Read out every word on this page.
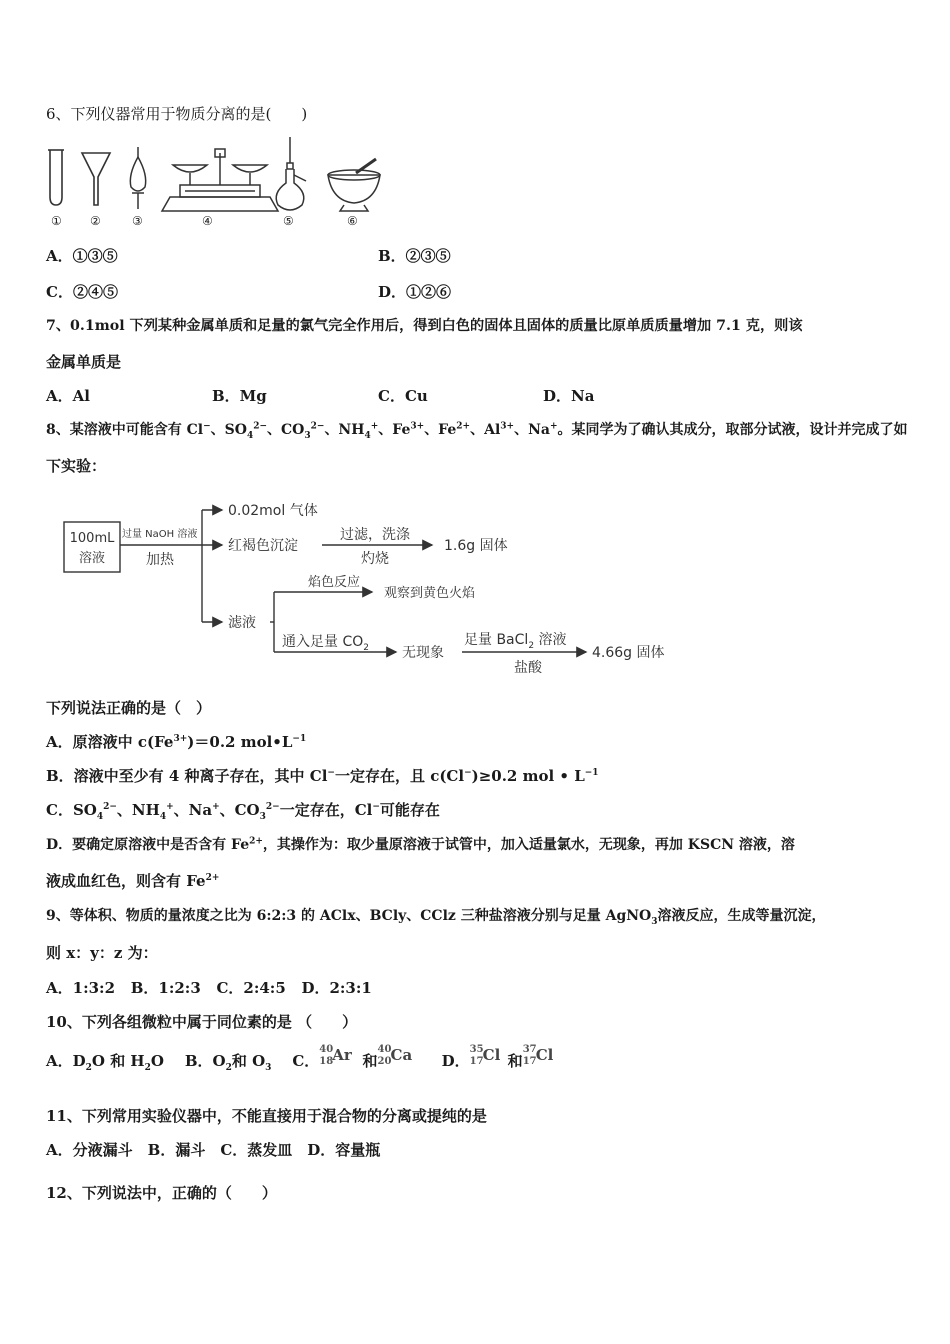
6、下列仪器常用于物质分离的是(　　)
① ②	③	④	⑤	⑥
A．①③⑤	B．②③⑤
C．②④⑤	D．①②⑥
7、0.1mol 下列某种金属单质和足量的氯气完全作用后，得到白色的固体且固体的质量比原单质质量增加 7.1 克，则该
金属单质是
A．Al	B．Mg	C．Cu	D．Na
8、某溶液中可能含有 Cl−、$SO_4^{2-}$、$CO_3^{2-}$、$NH_4^+$、$Fe^{3+}$、$Fe^{2+}$、$Al^{3+}$、Na+。某同学为了确认其成分，取部分试液，设计并完成了如
下实验：
100mL
溶液
过量 NaOH 溶液
加热
0.02mol 气体
红褐色沉淀
过滤，洗涤
灼烧
1.6g 固体
滤液
焰色反应
观察到黄色火焰
通入足量 $CO_2$ 无现象
足量 BaCl$_2$ 溶液
盐酸
4.66g 固体
下列说法正确的是（　）
A．原溶液中 $c(Fe^{3+})=0.2$ $mol•L^{-1}$
B．溶液中至少有 4 种离子存在，其中 Cl−一定存在，且 c(Cl−)≥0.2 mol • $L^{-1}$
C．$SO_4^{2-}$、$NH_4^+$、Na+、$CO_3^{2-}$一定存在，Cl−可能存在
D．要确定原溶液中是否含有 $Fe^{2+}$，其操作为：取少量原溶液于试管中，加入适量氯水，无现象，再加 KSCN 溶液，溶
液成血红色，则含有 $Fe^{2+}$
9、等体积、物质的量浓度之比为 6:2:3 的 AClx、BCly、CClz 三种盐溶液分别与足量 AgNO$_3$溶液反应，生成等量沉淀，
则 x：y：z 为：
A．1:3:2 B．1:2:3 C．2:4:5 D．2:3:1
10、下列各组微粒中属于同位素的是 （　　）
A．$D_2O$ 和 $H_2O$ B．$O_2$和 $O_3$ C．
40
18 Ar 和
40
20 Ca D．
35
17 Cl 和
37
17 Cl
11、下列常用实验仪器中，不能直接用于混合物的分离或提纯的是
A．分液漏斗　B．漏斗　C．蒸发皿　D．容量瓶
12、下列说法中，正确的（　　）
